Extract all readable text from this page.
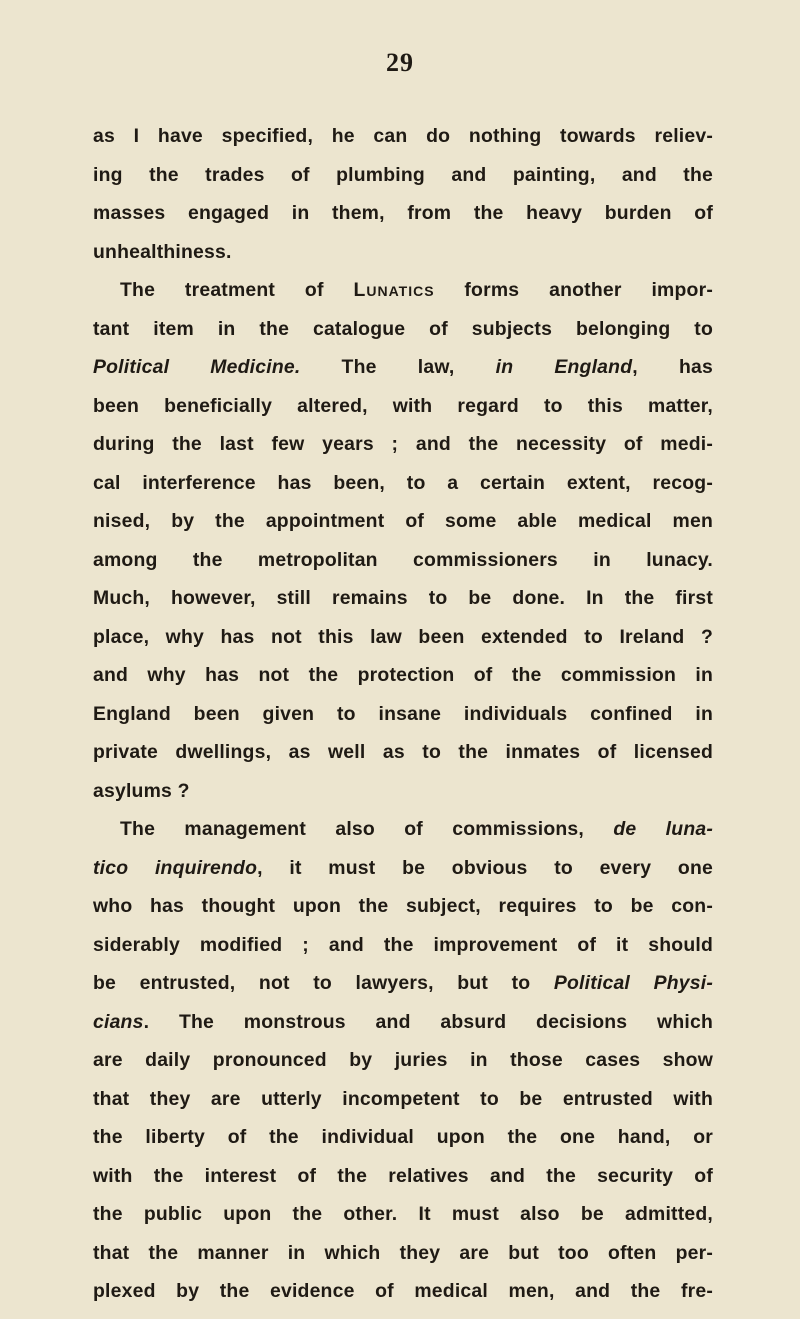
29
as I have specified, he can do nothing towards reliev-
ing the trades of plumbing and painting, and the
masses engaged in them, from the heavy burden of
unhealthiness.
The treatment of Lunatics forms another impor-
tant item in the catalogue of subjects belonging to
Political Medicine. The law, in England, has
been beneficially altered, with regard to this matter,
during the last few years ; and the necessity of medi-
cal interference has been, to a certain extent, recog-
nised, by the appointment of some able medical men
among the metropolitan commissioners in lunacy.
Much, however, still remains to be done. In the first
place, why has not this law been extended to Ireland ?
and why has not the protection of the commission in
England been given to insane individuals confined in
private dwellings, as well as to the inmates of licensed
asylums ?
The management also of commissions, de luna-
tico inquirendo, it must be obvious to every one
who has thought upon the subject, requires to be con-
siderably modified ; and the improvement of it should
be entrusted, not to lawyers, but to Political Physi-
cians. The monstrous and absurd decisions which
are daily pronounced by juries in those cases show
that they are utterly incompetent to be entrusted with
the liberty of the individual upon the one hand, or
with the interest of the relatives and the security of
the public upon the other. It must also be admitted,
that the manner in which they are but too often per-
plexed by the evidence of medical men, and the fre-
